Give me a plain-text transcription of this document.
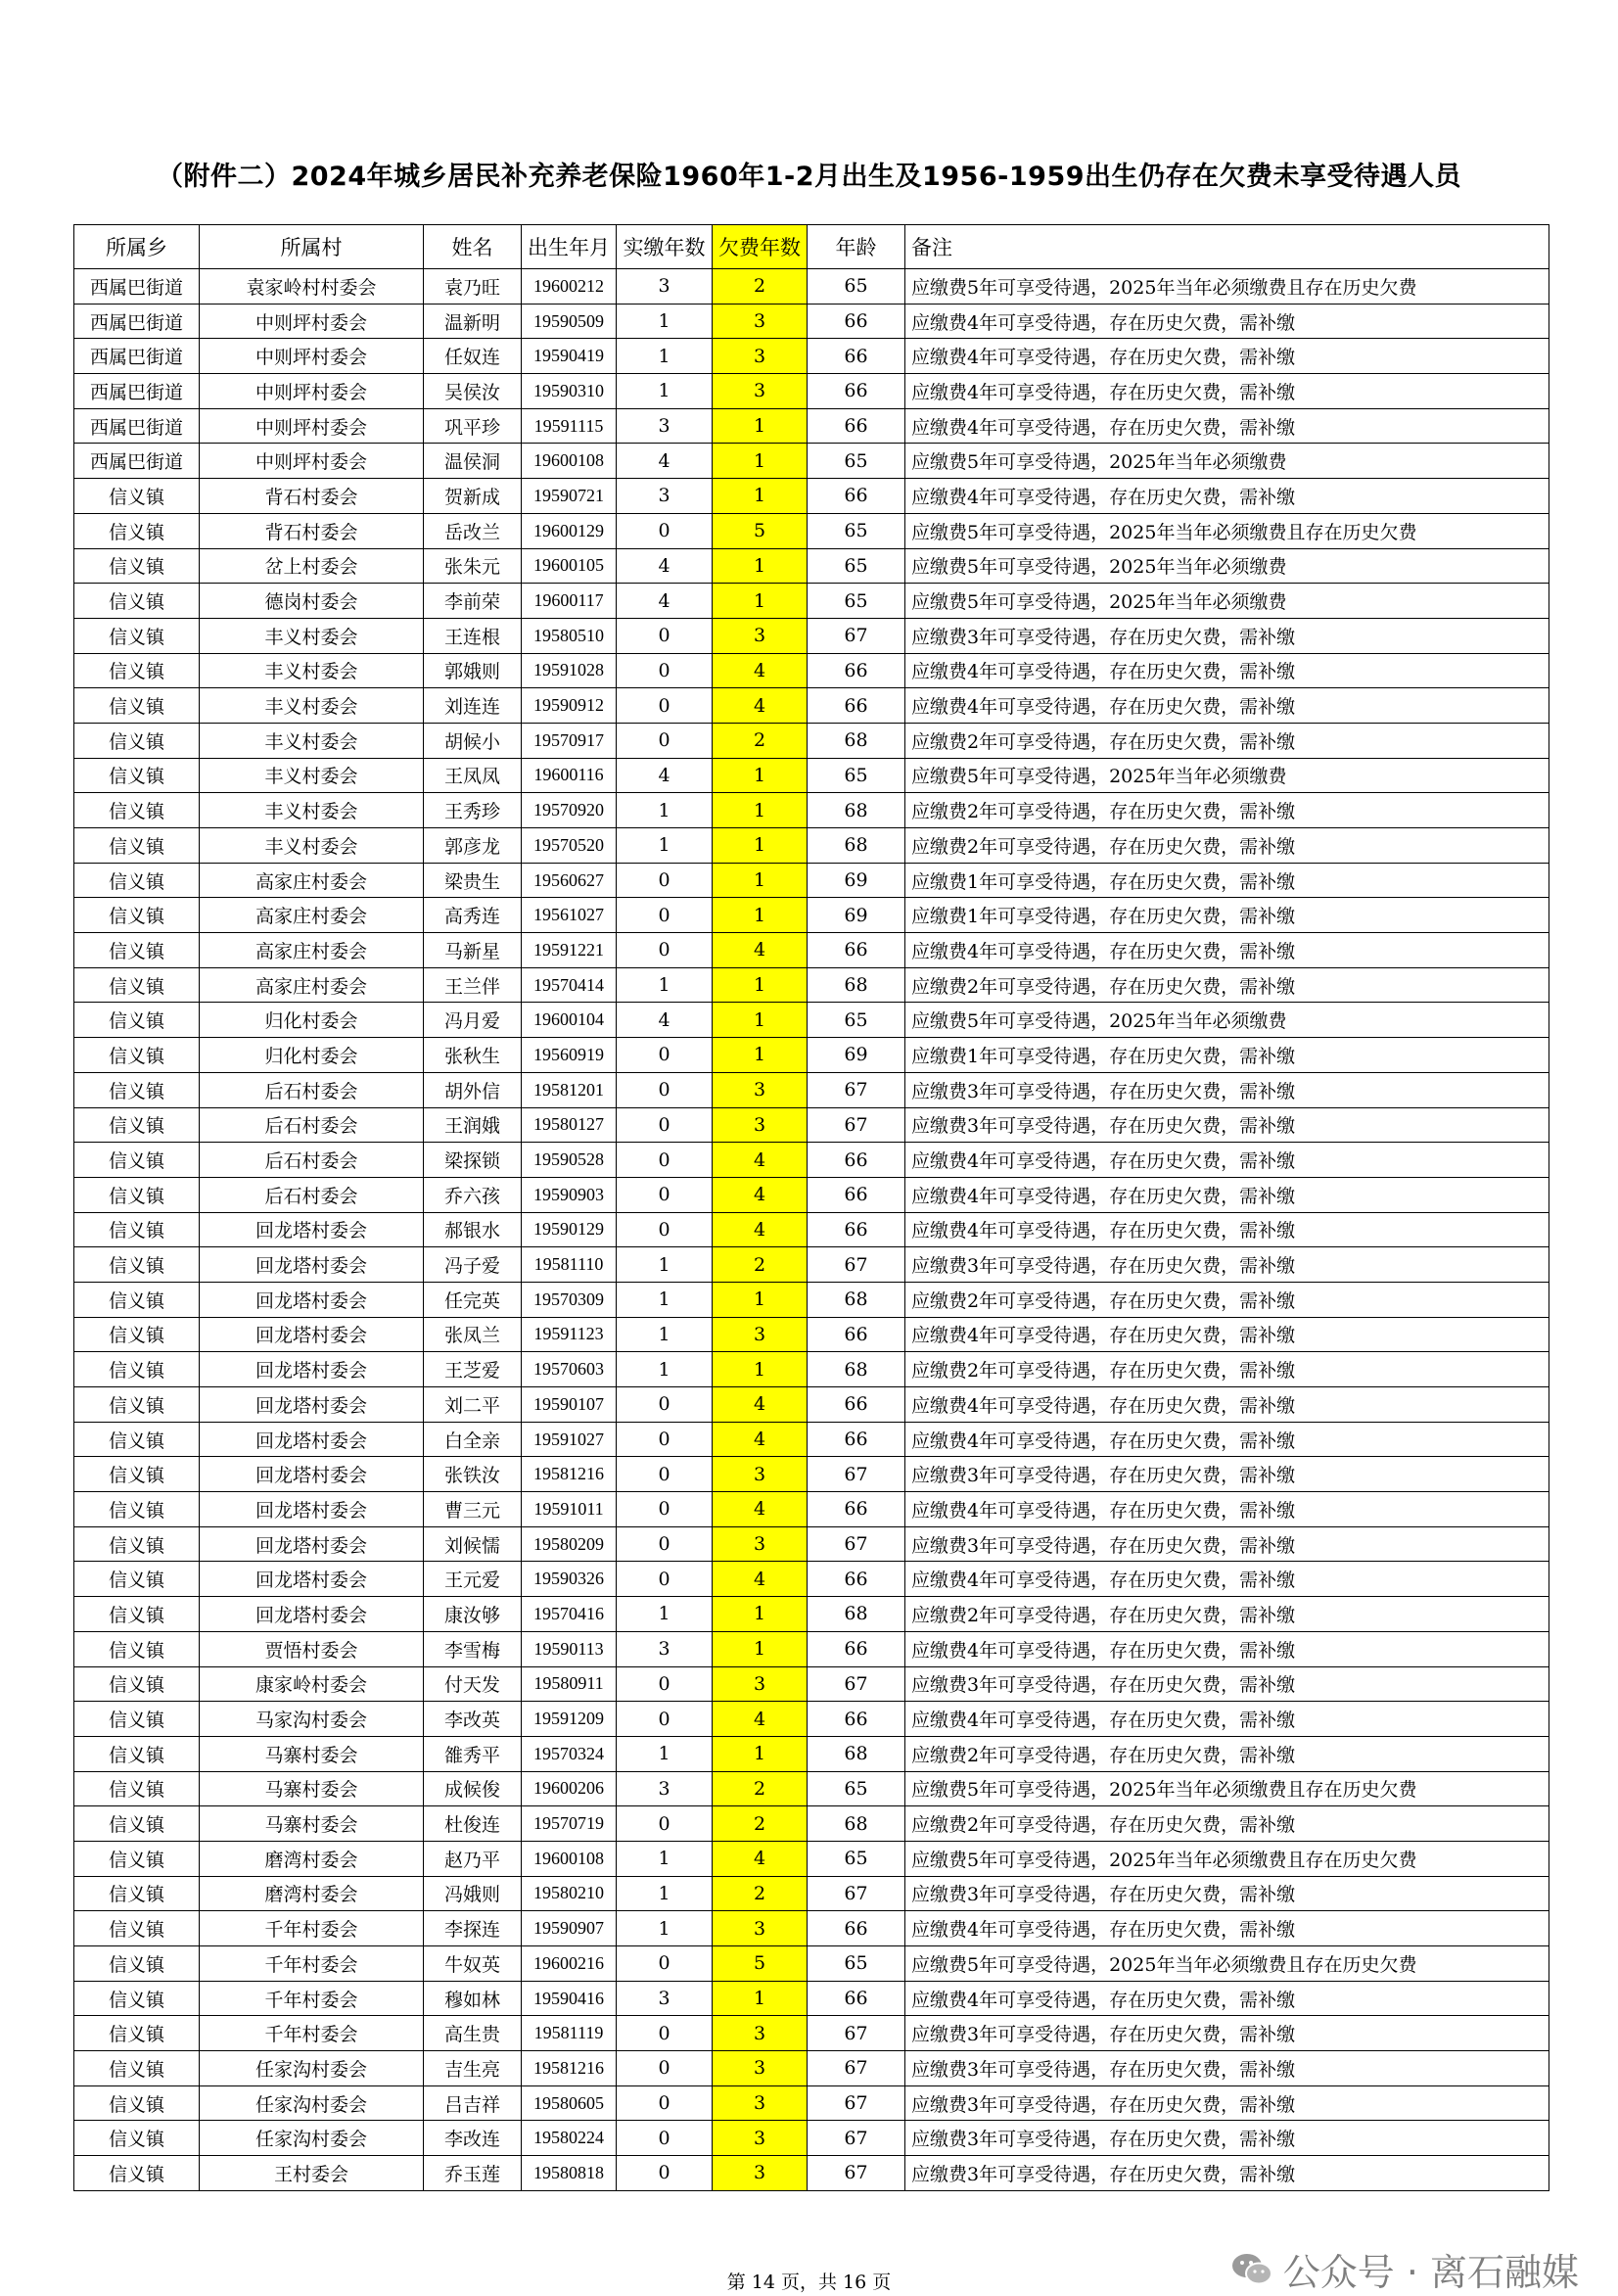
（附件二）2024年城乡居民补充养老保险1960年1-2月出生及1956-1959出生仍存在欠费未享受待遇人员
所属乡	所属村	姓名	出生年月	实缴年数	欠费年数	年龄	备注
西属巴街道	袁家岭村村委会	袁乃旺	19600212	3	2	65	应缴费5年可享受待遇，2025年当年必须缴费且存在历史欠费
西属巴街道	中则坪村委会	温新明	19590509	1	3	66	应缴费4年可享受待遇，存在历史欠费，需补缴
西属巴街道	中则坪村委会	任奴连	19590419	1	3	66	应缴费4年可享受待遇，存在历史欠费，需补缴
西属巴街道	中则坪村委会	吴侯汝	19590310	1	3	66	应缴费4年可享受待遇，存在历史欠费，需补缴
西属巴街道	中则坪村委会	巩平珍	19591115	3	1	66	应缴费4年可享受待遇，存在历史欠费，需补缴
西属巴街道	中则坪村委会	温侯洞	19600108	4	1	65	应缴费5年可享受待遇，2025年当年必须缴费
信义镇	背石村委会	贺新成	19590721	3	1	66	应缴费4年可享受待遇，存在历史欠费，需补缴
信义镇	背石村委会	岳改兰	19600129	0	5	65	应缴费5年可享受待遇，2025年当年必须缴费且存在历史欠费
信义镇	岔上村委会	张朱元	19600105	4	1	65	应缴费5年可享受待遇，2025年当年必须缴费
信义镇	德岗村委会	李前荣	19600117	4	1	65	应缴费5年可享受待遇，2025年当年必须缴费
信义镇	丰义村委会	王连根	19580510	0	3	67	应缴费3年可享受待遇，存在历史欠费，需补缴
信义镇	丰义村委会	郭娥则	19591028	0	4	66	应缴费4年可享受待遇，存在历史欠费，需补缴
信义镇	丰义村委会	刘连连	19590912	0	4	66	应缴费4年可享受待遇，存在历史欠费，需补缴
信义镇	丰义村委会	胡候小	19570917	0	2	68	应缴费2年可享受待遇，存在历史欠费，需补缴
信义镇	丰义村委会	王凤凤	19600116	4	1	65	应缴费5年可享受待遇，2025年当年必须缴费
信义镇	丰义村委会	王秀珍	19570920	1	1	68	应缴费2年可享受待遇，存在历史欠费，需补缴
信义镇	丰义村委会	郭彦龙	19570520	1	1	68	应缴费2年可享受待遇，存在历史欠费，需补缴
信义镇	高家庄村委会	梁贵生	19560627	0	1	69	应缴费1年可享受待遇，存在历史欠费，需补缴
信义镇	高家庄村委会	高秀连	19561027	0	1	69	应缴费1年可享受待遇，存在历史欠费，需补缴
信义镇	高家庄村委会	马新星	19591221	0	4	66	应缴费4年可享受待遇，存在历史欠费，需补缴
信义镇	高家庄村委会	王兰伴	19570414	1	1	68	应缴费2年可享受待遇，存在历史欠费，需补缴
信义镇	归化村委会	冯月爱	19600104	4	1	65	应缴费5年可享受待遇，2025年当年必须缴费
信义镇	归化村委会	张秋生	19560919	0	1	69	应缴费1年可享受待遇，存在历史欠费，需补缴
信义镇	后石村委会	胡外信	19581201	0	3	67	应缴费3年可享受待遇，存在历史欠费，需补缴
信义镇	后石村委会	王润娥	19580127	0	3	67	应缴费3年可享受待遇，存在历史欠费，需补缴
信义镇	后石村委会	梁探锁	19590528	0	4	66	应缴费4年可享受待遇，存在历史欠费，需补缴
信义镇	后石村委会	乔六孩	19590903	0	4	66	应缴费4年可享受待遇，存在历史欠费，需补缴
信义镇	回龙塔村委会	郝银水	19590129	0	4	66	应缴费4年可享受待遇，存在历史欠费，需补缴
信义镇	回龙塔村委会	冯子爱	19581110	1	2	67	应缴费3年可享受待遇，存在历史欠费，需补缴
信义镇	回龙塔村委会	任完英	19570309	1	1	68	应缴费2年可享受待遇，存在历史欠费，需补缴
信义镇	回龙塔村委会	张凤兰	19591123	1	3	66	应缴费4年可享受待遇，存在历史欠费，需补缴
信义镇	回龙塔村委会	王芝爱	19570603	1	1	68	应缴费2年可享受待遇，存在历史欠费，需补缴
信义镇	回龙塔村委会	刘二平	19590107	0	4	66	应缴费4年可享受待遇，存在历史欠费，需补缴
信义镇	回龙塔村委会	白全亲	19591027	0	4	66	应缴费4年可享受待遇，存在历史欠费，需补缴
信义镇	回龙塔村委会	张铁汝	19581216	0	3	67	应缴费3年可享受待遇，存在历史欠费，需补缴
信义镇	回龙塔村委会	曹三元	19591011	0	4	66	应缴费4年可享受待遇，存在历史欠费，需补缴
信义镇	回龙塔村委会	刘候懦	19580209	0	3	67	应缴费3年可享受待遇，存在历史欠费，需补缴
信义镇	回龙塔村委会	王元爱	19590326	0	4	66	应缴费4年可享受待遇，存在历史欠费，需补缴
信义镇	回龙塔村委会	康汝够	19570416	1	1	68	应缴费2年可享受待遇，存在历史欠费，需补缴
信义镇	贾悟村委会	李雪梅	19590113	3	1	66	应缴费4年可享受待遇，存在历史欠费，需补缴
信义镇	康家岭村委会	付天发	19580911	0	3	67	应缴费3年可享受待遇，存在历史欠费，需补缴
信义镇	马家沟村委会	李改英	19591209	0	4	66	应缴费4年可享受待遇，存在历史欠费，需补缴
信义镇	马寨村委会	雒秀平	19570324	1	1	68	应缴费2年可享受待遇，存在历史欠费，需补缴
信义镇	马寨村委会	成候俊	19600206	3	2	65	应缴费5年可享受待遇，2025年当年必须缴费且存在历史欠费
信义镇	马寨村委会	杜俊连	19570719	0	2	68	应缴费2年可享受待遇，存在历史欠费，需补缴
信义镇	磨湾村委会	赵乃平	19600108	1	4	65	应缴费5年可享受待遇，2025年当年必须缴费且存在历史欠费
信义镇	磨湾村委会	冯娥则	19580210	1	2	67	应缴费3年可享受待遇，存在历史欠费，需补缴
信义镇	千年村委会	李探连	19590907	1	3	66	应缴费4年可享受待遇，存在历史欠费，需补缴
信义镇	千年村委会	牛奴英	19600216	0	5	65	应缴费5年可享受待遇，2025年当年必须缴费且存在历史欠费
信义镇	千年村委会	穆如林	19590416	3	1	66	应缴费4年可享受待遇，存在历史欠费，需补缴
信义镇	千年村委会	高生贵	19581119	0	3	67	应缴费3年可享受待遇，存在历史欠费，需补缴
信义镇	任家沟村委会	吉生亮	19581216	0	3	67	应缴费3年可享受待遇，存在历史欠费，需补缴
信义镇	任家沟村委会	吕吉祥	19580605	0	3	67	应缴费3年可享受待遇，存在历史欠费，需补缴
信义镇	任家沟村委会	李改连	19580224	0	3	67	应缴费3年可享受待遇，存在历史欠费，需补缴
信义镇	王村委会	乔玉莲	19580818	0	3	67	应缴费3年可享受待遇，存在历史欠费，需补缴
第 14 页，共 16 页	公众号 · 离石融媒
